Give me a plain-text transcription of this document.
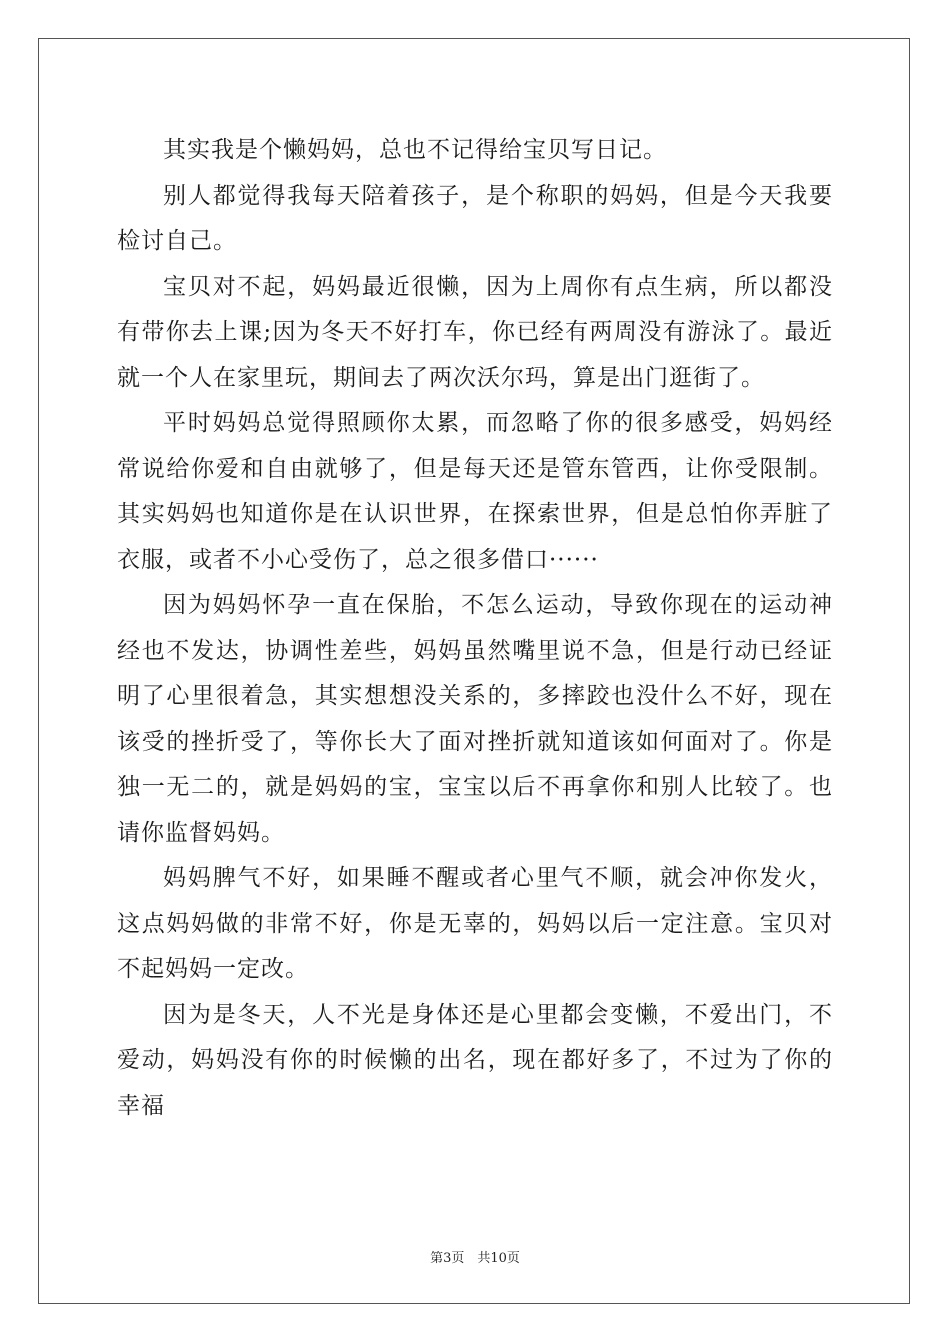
其实我是个懒妈妈，总也不记得给宝贝写日记。

别人都觉得我每天陪着孩子，是个称职的妈妈，但是今天我要检讨自己。

宝贝对不起，妈妈最近很懒，因为上周你有点生病，所以都没有带你去上课;因为冬天不好打车，你已经有两周没有游泳了。最近就一个人在家里玩，期间去了两次沃尔玛，算是出门逛街了。

平时妈妈总觉得照顾你太累，而忽略了你的很多感受，妈妈经常说给你爱和自由就够了，但是每天还是管东管西，让你受限制。其实妈妈也知道你是在认识世界，在探索世界，但是总怕你弄脏了衣服，或者不小心受伤了，总之很多借口······

因为妈妈怀孕一直在保胎，不怎么运动，导致你现在的运动神经也不发达，协调性差些，妈妈虽然嘴里说不急，但是行动已经证明了心里很着急，其实想想没关系的，多摔跤也没什么不好，现在该受的挫折受了，等你长大了面对挫折就知道该如何面对了。你是独一无二的，就是妈妈的宝，宝宝以后不再拿你和别人比较了。也请你监督妈妈。

妈妈脾气不好，如果睡不醒或者心里气不顺，就会冲你发火，这点妈妈做的非常不好，你是无辜的，妈妈以后一定注意。宝贝对不起妈妈一定改。

因为是冬天，人不光是身体还是心里都会变懒，不爱出门，不爱动，妈妈没有你的时候懒的出名，现在都好多了，不过为了你的幸福

第3页　共10页
